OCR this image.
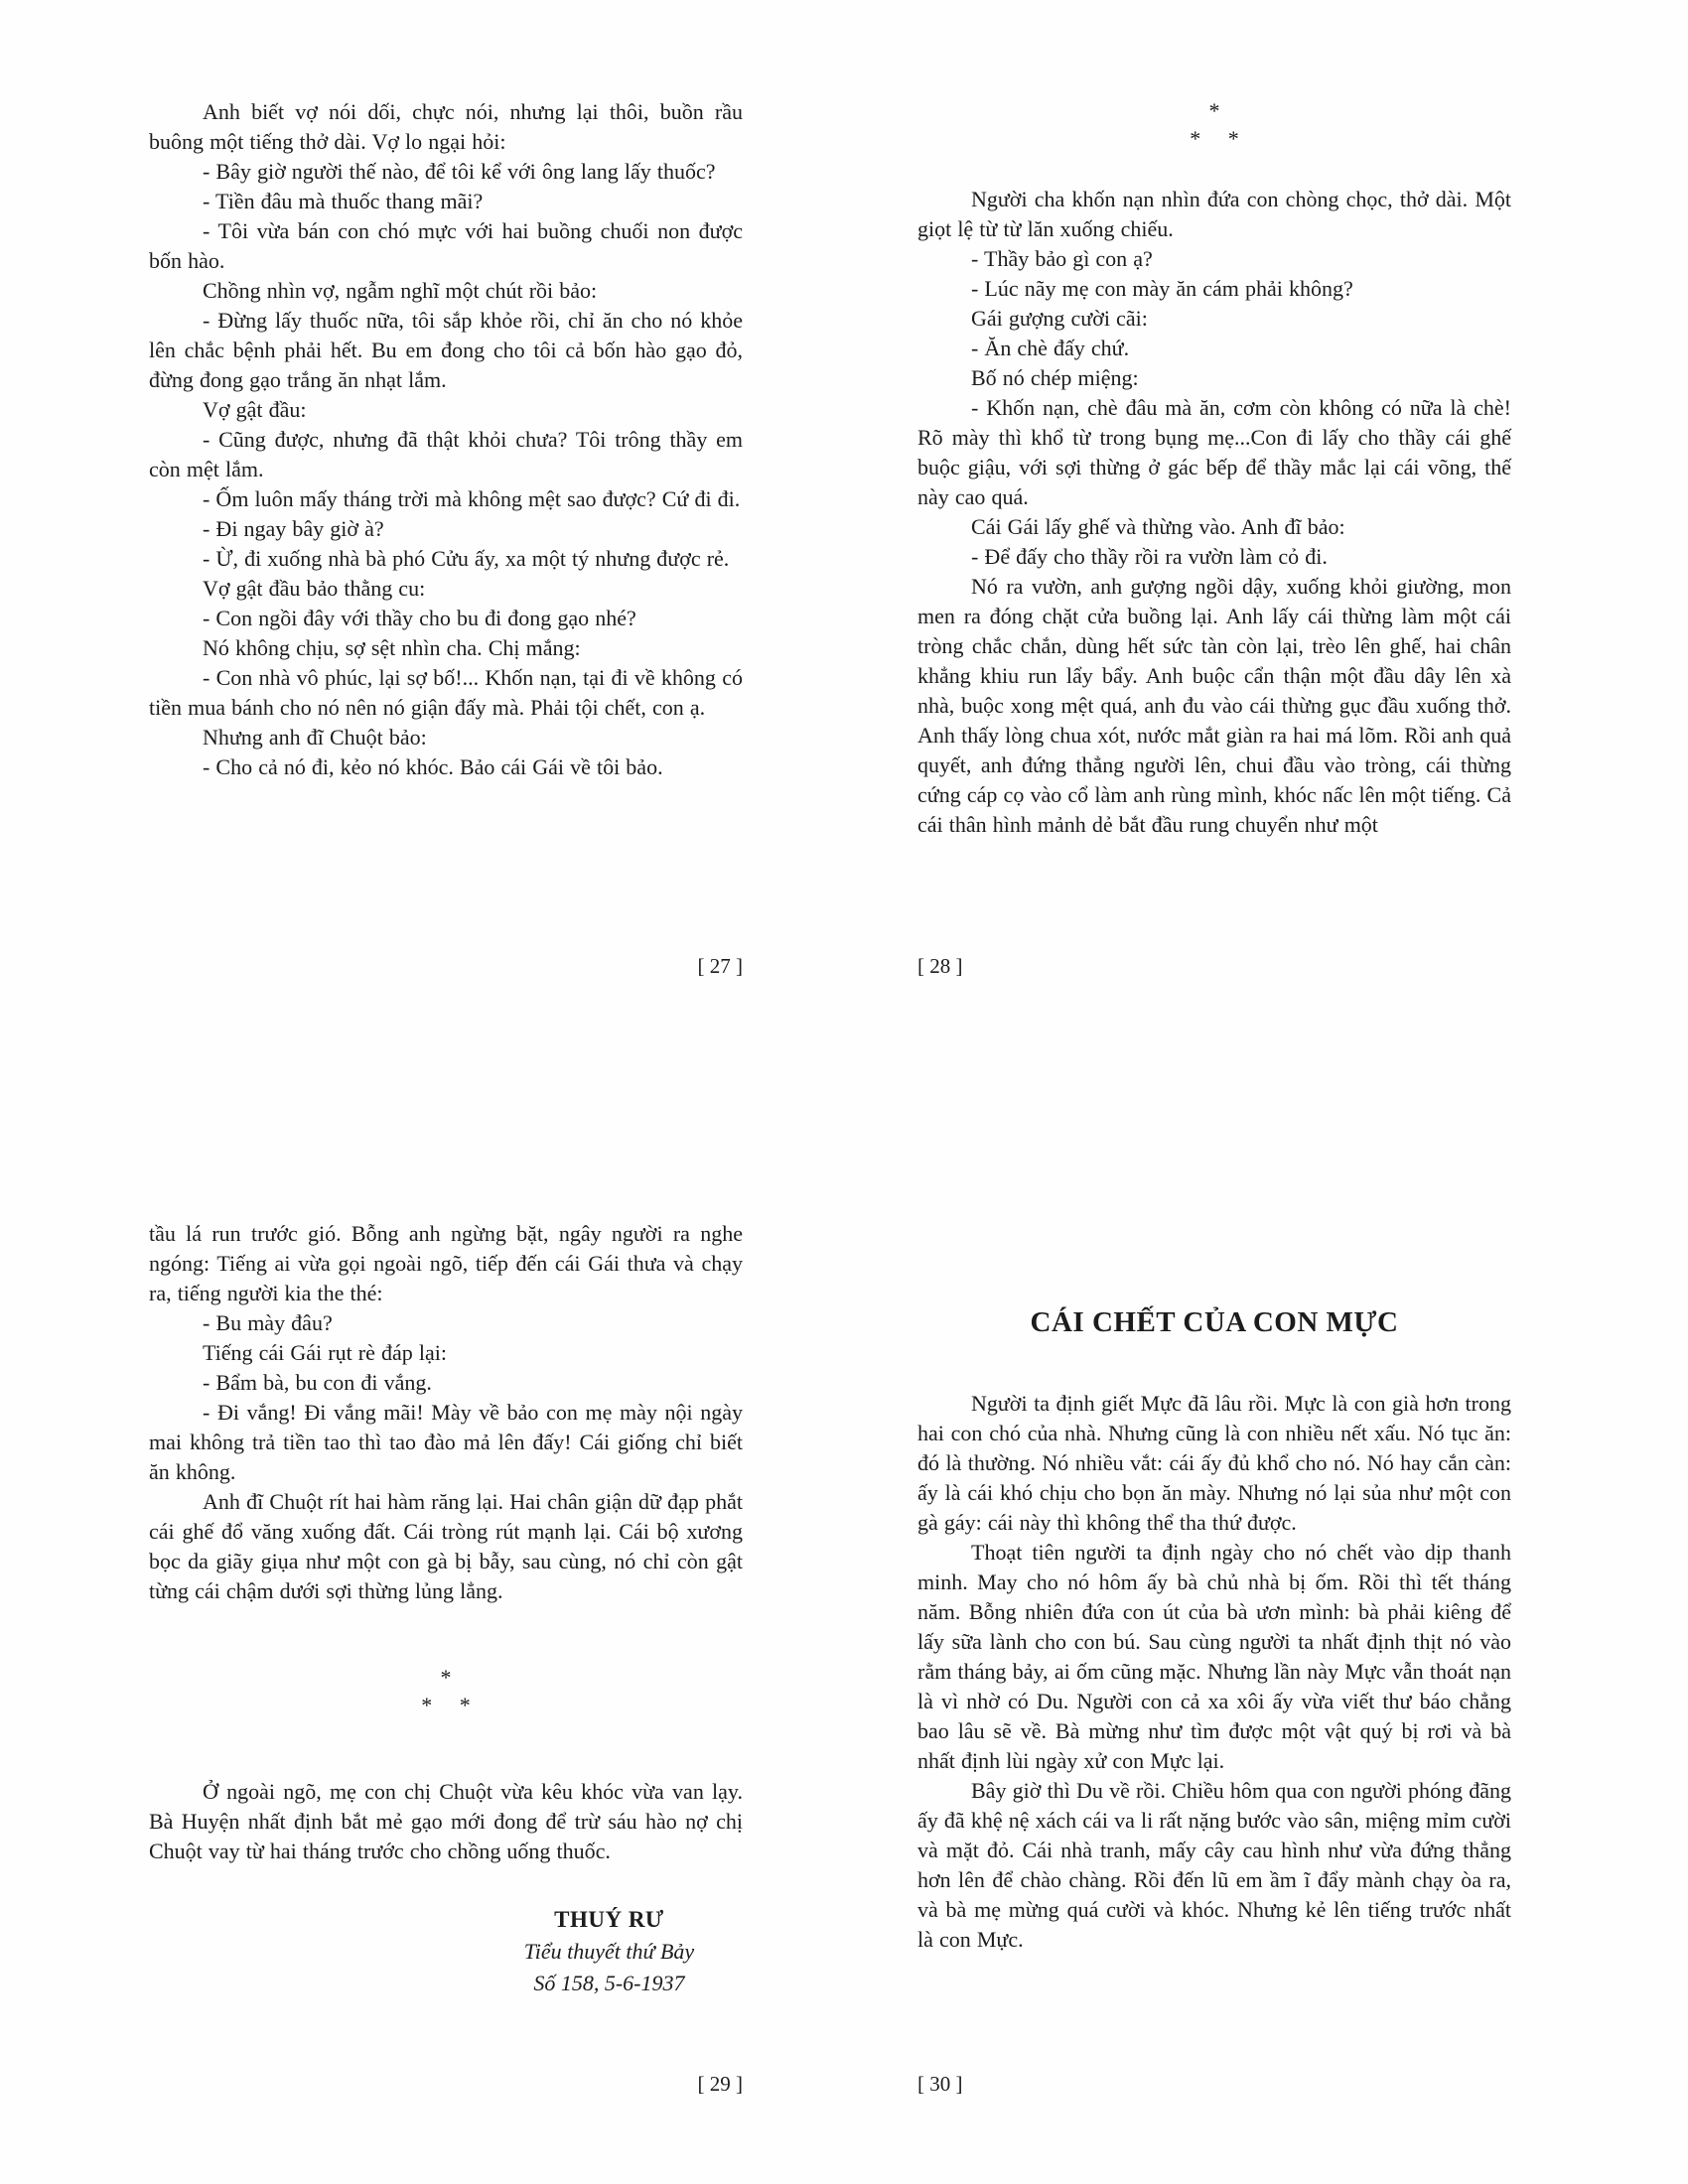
Anh biết vợ nói dối, chực nói, nhưng lại thôi, buồn rầu buông một tiếng thở dài. Vợ lo ngại hỏi:

- Bây giờ người thế nào, để tôi kể với ông lang lấy thuốc?

- Tiền đâu mà thuốc thang mãi?

- Tôi vừa bán con chó mực với hai buồng chuối non được bốn hào.

Chồng nhìn vợ, ngẫm nghĩ một chút rồi bảo:

- Đừng lấy thuốc nữa, tôi sắp khỏe rồi, chỉ ăn cho nó khỏe lên chắc bệnh phải hết. Bu em đong cho tôi cả bốn hào gạo đỏ, đừng đong gạo trắng ăn nhạt lắm.

Vợ gật đầu:

- Cũng được, nhưng đã thật khỏi chưa? Tôi trông thầy em còn mệt lắm.

- Ốm luôn mấy tháng trời mà không mệt sao được? Cứ đi đi.

- Đi ngay bây giờ à?

- Ừ, đi xuống nhà bà phó Cửu ấy, xa một tý nhưng được rẻ.

Vợ gật đầu bảo thằng cu:

- Con ngồi đây với thầy cho bu đi đong gạo nhé?

Nó không chịu, sợ sệt nhìn cha. Chị mắng:

- Con nhà vô phúc, lại sợ bố!... Khốn nạn, tại đi về không có tiền mua bánh cho nó nên nó giận đấy mà. Phải tội chết, con ạ.

Nhưng anh đĩ Chuột bảo:

- Cho cả nó đi, kẻo nó khóc. Bảo cái Gái về tôi bảo.

*
* *

Người cha khốn nạn nhìn đứa con chòng chọc, thở dài. Một giọt lệ từ từ lăn xuống chiếu.

- Thầy bảo gì con ạ?

- Lúc nãy mẹ con mày ăn cám phải không?

Gái gượng cười cãi:

- Ăn chè đấy chứ.

Bố nó chép miệng:

- Khốn nạn, chè đâu mà ăn, cơm còn không có nữa là chè! Rõ mày thì khổ từ trong bụng mẹ...Con đi lấy cho thầy cái ghế buộc giậu, với sợi thừng ở gác bếp để thầy mắc lại cái võng, thế này cao quá.

Cái Gái lấy ghế và thừng vào. Anh đĩ bảo:

- Để đấy cho thầy rồi ra vườn làm cỏ đi.

Nó ra vườn, anh gượng ngồi dậy, xuống khỏi giường, mon men ra đóng chặt cửa buồng lại. Anh lấy cái thừng làm một cái tròng chắc chắn, dùng hết sức tàn còn lại, trèo lên ghế, hai chân khẳng khiu run lẩy bẩy. Anh buộc cẩn thận một đầu dây lên xà nhà, buộc xong mệt quá, anh đu vào cái thừng gục đầu xuống thở. Anh thấy lòng chua xót, nước mắt giàn ra hai má lõm. Rồi anh quả quyết, anh đứng thẳng người lên, chui đầu vào tròng, cái thừng cứng cáp cọ vào cổ làm anh rùng mình, khóc nấc lên một tiếng. Cả cái thân hình mảnh dẻ bắt đầu rung chuyển như một

tầu lá run trước gió. Bỗng anh ngừng bặt, ngây người ra nghe ngóng: Tiếng ai vừa gọi ngoài ngõ, tiếp đến cái Gái thưa và chạy ra, tiếng người kia the thé:

- Bu mày đâu?

Tiếng cái Gái rụt rè đáp lại:

- Bẩm bà, bu con đi vắng.

- Đi vắng! Đi vắng mãi! Mày về bảo con mẹ mày nội ngày mai không trả tiền tao thì tao đào mả lên đấy! Cái giống chỉ biết ăn không.

Anh đĩ Chuột rít hai hàm răng lại. Hai chân giận dữ đạp phắt cái ghế đổ văng xuống đất. Cái tròng rút mạnh lại. Cái bộ xương bọc da giãy giụa như một con gà bị bẫy, sau cùng, nó chỉ còn gật từng cái chậm dưới sợi thừng lủng lẳng.

*
* *

Ở ngoài ngõ, mẹ con chị Chuột vừa kêu khóc vừa van lạy. Bà Huyện nhất định bắt mẻ gạo mới đong để trừ sáu hào nợ chị Chuột vay từ hai tháng trước cho chồng uống thuốc.

THUÝ RƯ
Tiểu thuyết thứ Bảy
Số 158, 5-6-1937
CÁI CHẾT CỦA CON MỰC

Người ta định giết Mực đã lâu rồi. Mực là con già hơn trong hai con chó của nhà. Nhưng cũng là con nhiều nết xấu. Nó tục ăn: đó là thường. Nó nhiều vắt: cái ấy đủ khổ cho nó. Nó hay cắn càn: ấy là cái khó chịu cho bọn ăn mày. Nhưng nó lại sủa như một con gà gáy: cái này thì không thể tha thứ được.

Thoạt tiên người ta định ngày cho nó chết vào dịp thanh minh. May cho nó hôm ấy bà chủ nhà bị ốm. Rồi thì tết tháng năm. Bỗng nhiên đứa con út của bà ươn mình: bà phải kiêng để lấy sữa lành cho con bú. Sau cùng người ta nhất định thịt nó vào rằm tháng bảy, ai ốm cũng mặc. Nhưng lần này Mực vẫn thoát nạn là vì nhờ có Du. Người con cả xa xôi ấy vừa viết thư báo chẳng bao lâu sẽ về. Bà mừng như tìm được một vật quý bị rơi và bà nhất định lùi ngày xử con Mực lại.

Bây giờ thì Du về rồi. Chiều hôm qua con người phóng đãng ấy đã khệ nệ xách cái va li rất nặng bước vào sân, miệng mỉm cười và mặt đỏ. Cái nhà tranh, mấy cây cau hình như vừa đứng thẳng hơn lên để chào chàng. Rồi đến lũ em ầm ĩ đẩy mành chạy òa ra, và bà mẹ mừng quá cười và khóc. Nhưng kẻ lên tiếng trước nhất là con Mực.

[ 27 ]	[ 28 ]
[ 29 ]	[ 30 ]
